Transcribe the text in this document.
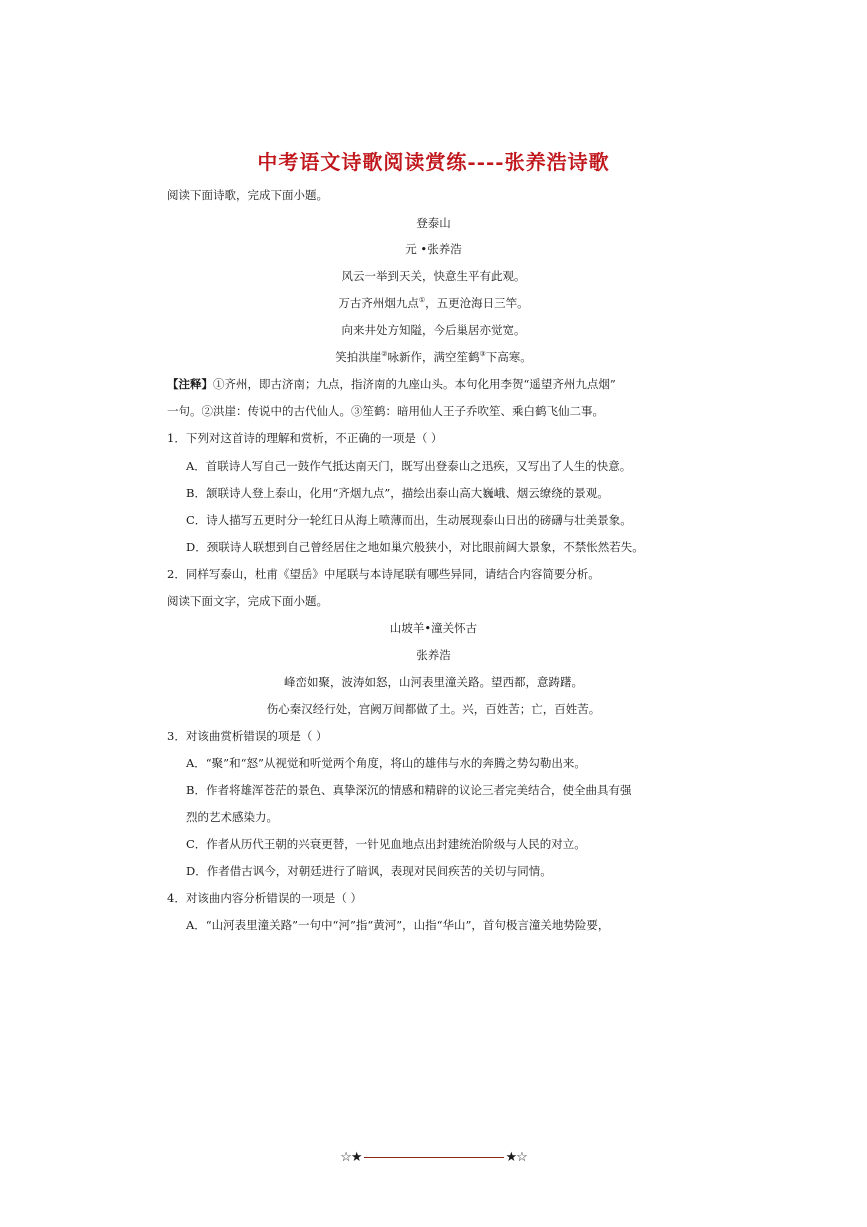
中考语文诗歌阅读赏练----张养浩诗歌
阅读下面诗歌，完成下面小题。
登泰山
元 •张养浩
风云一举到天关，快意生平有此观。
万古齐州烟九点①，五更沧海日三竿。
向来井处方知隘，今后巢居亦觉宽。
笑拍洪崖②咏新作，满空笙鹤③下高寒。
【注释】①齐州，即古济南；九点，指济南的九座山头。本句化用李贺“遥望齐州九点烟”
一句。②洪崖：传说中的古代仙人。③笙鹤：暗用仙人王子乔吹笙、乘白鹤飞仙二事。
1．下列对这首诗的理解和赏析，不正确的一项是（ ）
A．首联诗人写自己一鼓作气抵达南天门，既写出登泰山之迅疾，又写出了人生的快意。
B．颔联诗人登上泰山，化用“齐烟九点”，描绘出泰山高大巍峨、烟云缭绕的景观。
C．诗人描写五更时分一轮红日从海上喷薄而出，生动展现泰山日出的磅礴与壮美景象。
D．颈联诗人联想到自己曾经居住之地如巢穴般狭小，对比眼前阔大景象，不禁怅然若失。
2．同样写泰山，杜甫《望岳》中尾联与本诗尾联有哪些异同，请结合内容简要分析。
阅读下面文字，完成下面小题。
山坡羊•潼关怀古
张养浩
峰峦如聚，波涛如怒，山河表里潼关路。望西都，意踌躇。
伤心秦汉经行处，宫阙万间都做了土。兴，百姓苦；亡，百姓苦。
3．对该曲赏析错误的项是（ ）
A．“聚”和“怒”从视觉和听觉两个角度，将山的雄伟与水的奔腾之势勾勒出来。
B．作者将雄浑苍茫的景色、真挚深沉的情感和精辟的议论三者完美结合，使全曲具有强
烈的艺术感染力。
C．作者从历代王朝的兴衰更替，一针见血地点出封建统治阶级与人民的对立。
D．作者借古讽今，对朝廷进行了暗讽，表现对民间疾苦的关切与同情。
4．对该曲内容分析错误的一项是（ ）
A．“山河表里潼关路”一句中“河”指“黄河”，山指“华山”，首句极言潼关地势险要，
☆★	★☆
